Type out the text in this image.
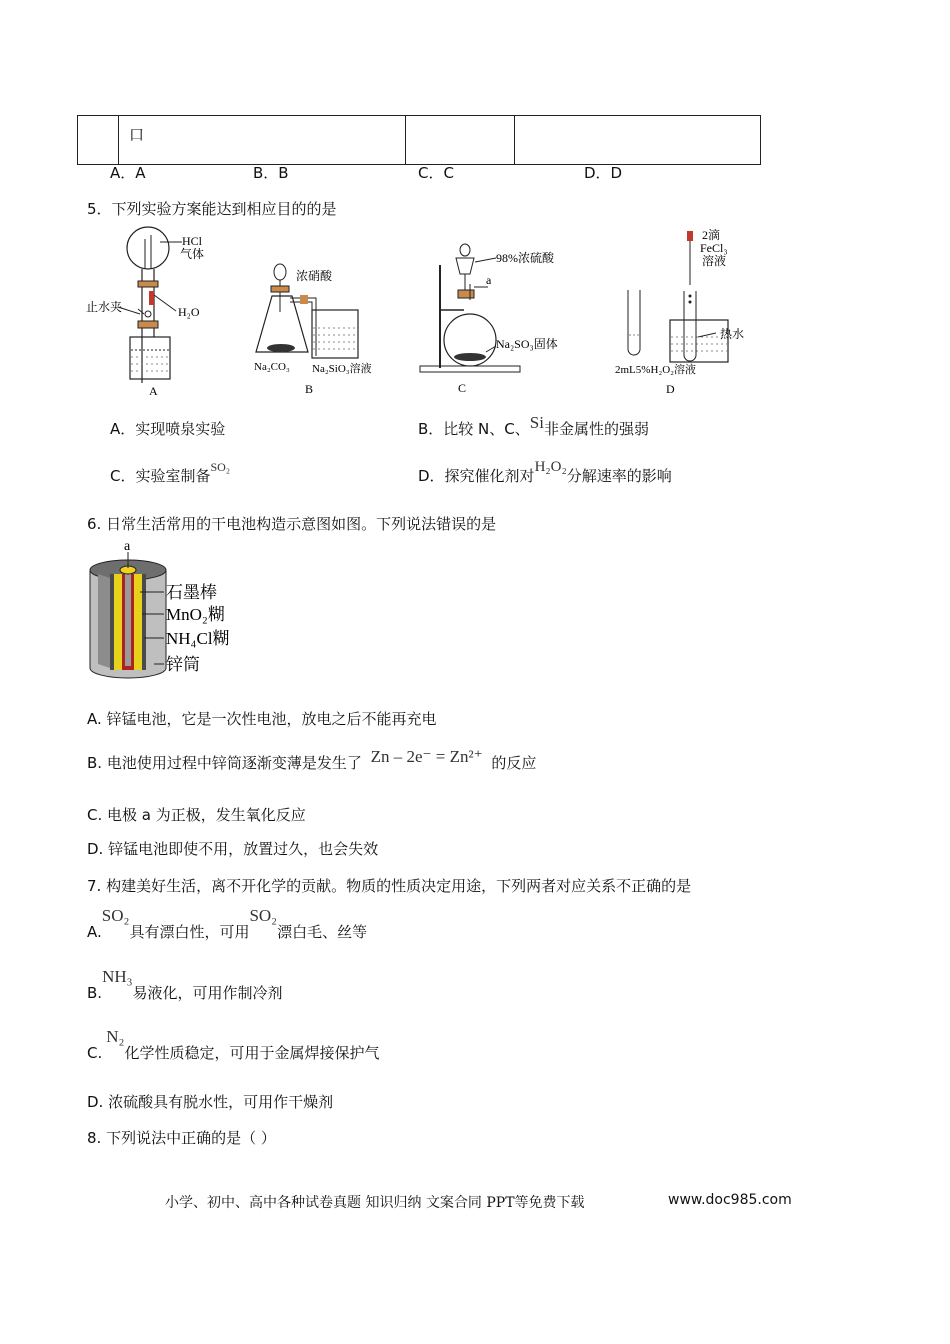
	口		
A．A	B．B	C．C	D．D
5．下列实验方案能达到相应目的的是
HCl
气体
止水夹	H₂O
A
浓硝酸
Na₂CO₃ Na₂SiO₃溶液
B
98%浓硫酸
a
Na₂SO₃固体
C
2滴
FeCl₃
溶液
热水
2mL5%H₂O₂溶液
D
A．实现喷泉实验	B．比较 N、C、Si非金属性的强弱
C．实验室制备$^{SO_2}$	D．探究催化剂对H₂O₂分解速率的影响
6. 日常生活常用的干电池构造示意图如图。下列说法错误的是
a
石墨棒
MnO₂糊
NH₄Cl糊
锌筒
A. 锌锰电池，它是一次性电池，放电之后不能再充电
B. 电池使用过程中锌筒逐渐变薄是发生了 Zn – 2e⁻ = Zn²⁺ 的反应
C. 电极 a 为正极，发生氧化反应
D. 锌锰电池即使不用，放置过久，也会失效
7. 构建美好生活，离不开化学的贡献。物质的性质决定用途，下列两者对应关系不正确的是
A.SO₂具有漂白性，可用SO₂漂白毛、丝等
B.NH₃易液化，可用作制冷剂
C.N₂化学性质稳定，可用于金属焊接保护气
D. 浓硫酸具有脱水性，可用作干燥剂
8. 下列说法中正确的是（ ）
小学、初中、高中各种试卷真题 知识归纳 文案合同 PPT等免费下载	www.doc985.com
